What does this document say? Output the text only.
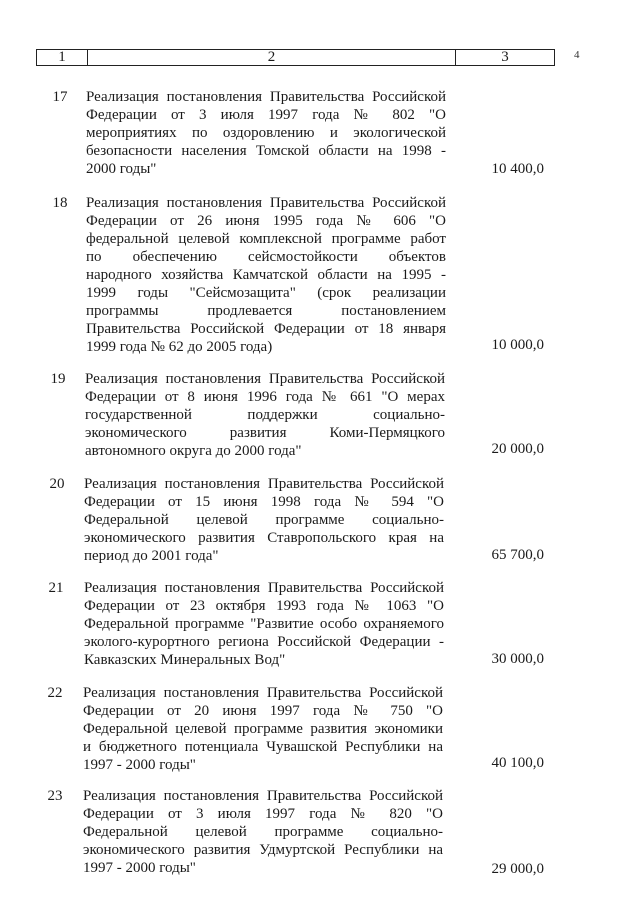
1	2	3	4
17	Реализация постановления Правительства Российской
Федерации от 3 июля 1997 года № 802 "О
мероприятиях по оздоровлению и экологической
безопасности населения Томской области на 1998 -
2000 годы"	10 400,0
18	Реализация постановления Правительства Российской
Федерации от 26 июня 1995 года № 606 "О
федеральной целевой комплексной программе работ
по обеспечению сейсмостойкости объектов
народного хозяйства Камчатской области на 1995 -
1999 годы "Сейсмозащита" (срок реализации
программы продлевается постановлением
Правительства Российской Федерации от 18 января
1999 года № 62 до 2005 года)	10 000,0
19	Реализация постановления Правительства Российской
Федерации от 8 июня 1996 года № 661 "О мерах
государственной поддержки социально-
экономического развития Коми-Пермяцкого
автономного округа до 2000 года"	20 000,0
20	Реализация постановления Правительства Российской
Федерации от 15 июня 1998 года № 594 "О
Федеральной целевой программе социально-
экономического развития Ставропольского края на
период до 2001 года"	65 700,0
21	Реализация постановления Правительства Российской
Федерации от 23 октября 1993 года № 1063 "О
Федеральной программе "Развитие особо охраняемого
эколого-курортного региона Российской Федерации -
Кавказских Минеральных Вод"	30 000,0
22	Реализация постановления Правительства Российской
Федерации от 20 июня 1997 года № 750 "О
Федеральной целевой программе развития экономики
и бюджетного потенциала Чувашской Республики на
1997 - 2000 годы"	40 100,0
23	Реализация постановления Правительства Российской
Федерации от 3 июля 1997 года № 820 "О
Федеральной целевой программе социально-
экономического развития Удмуртской Республики на
1997 - 2000 годы"	29 000,0
